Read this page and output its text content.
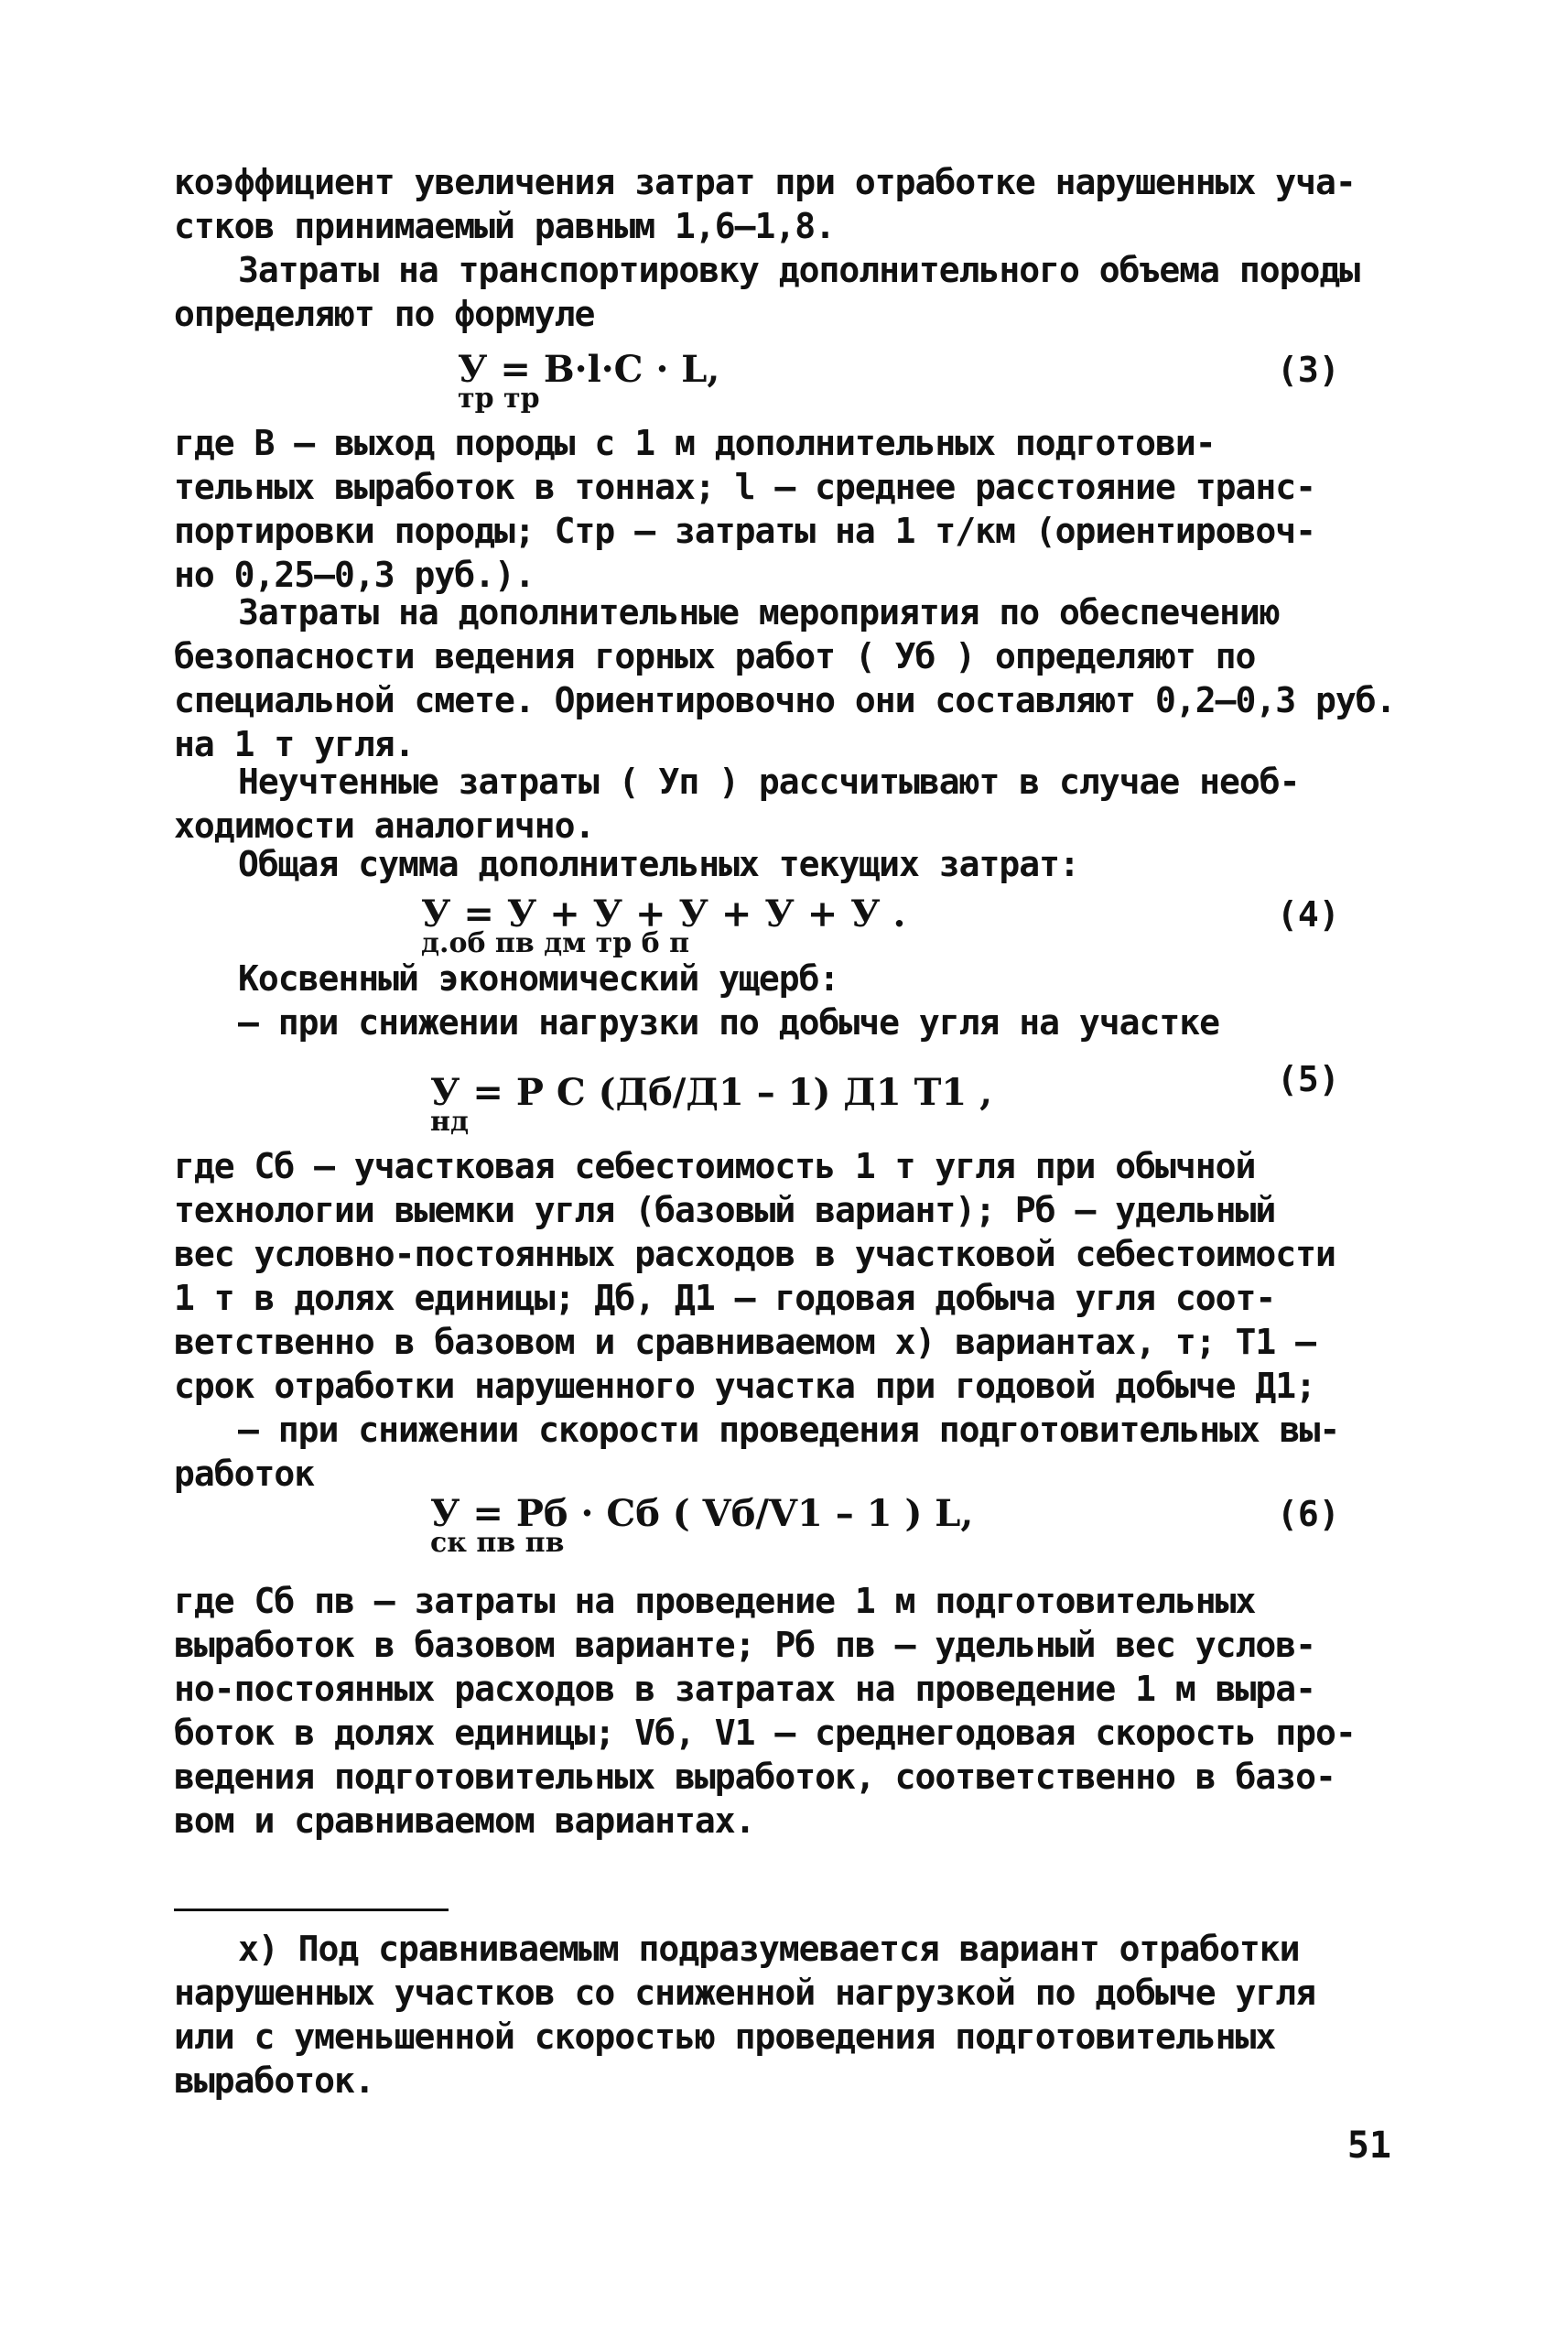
коэффициент увеличения затрат при отработке нарушенных уча-
стков принимаемый равным 1,6–1,8.
Затраты на транспортировку дополнительного объема породы
определяют по формуле
У = В·l·С · L,
тр тр
(3)
где В – выход породы с 1 м дополнительных подготови-
тельных выработок в тоннах; l – среднее расстояние транс-
портировки породы; Стр – затраты на 1 т/км (ориентировоч-
но 0,25–0,3 руб.).
Затраты на дополнительные мероприятия по обеспечению
безопасности ведения горных работ ( Уб ) определяют по
специальной смете. Ориентировочно они составляют 0,2–0,3 руб.
на 1 т угля.
Неучтенные затраты ( Уп ) рассчитывают в случае необ-
ходимости аналогично.
Общая сумма дополнительных текущих затрат:
У = У + У + У + У + У .
д.об пв дм тр б п
(4)
Косвенный экономический ущерб:
– при снижении нагрузки по добыче угля на участке
У = Р С (Дб/Д1 – 1) Д1 Т1 ,
нд
(5)
где Сб – участковая себестоимость 1 т угля при обычной
технологии выемки угля (базовый вариант); Рб – удельный
вес условно-постоянных расходов в участковой себестоимости
1 т в долях единицы; Дб, Д1 – годовая добыча угля соот-
ветственно в базовом и сравниваемом х) вариантах, т; Т1 –
срок отработки нарушенного участка при годовой добыче Д1;
– при снижении скорости проведения подготовительных вы-
работок
У = Рб · Сб ( Vб/V1 – 1 ) L,
ск пв пв
(6)
где Сб пв – затраты на проведение 1 м подготовительных
выработок в базовом варианте; Рб пв – удельный вес услов-
но-постоянных расходов в затратах на проведение 1 м выра-
боток в долях единицы; Vб, V1 – среднегодовая скорость про-
ведения подготовительных выработок, соответственно в базо-
вом и сравниваемом вариантах.
х) Под сравниваемым подразумевается вариант отработки
нарушенных участков со сниженной нагрузкой по добыче угля
или с уменьшенной скоростью проведения подготовительных
выработок.
51
